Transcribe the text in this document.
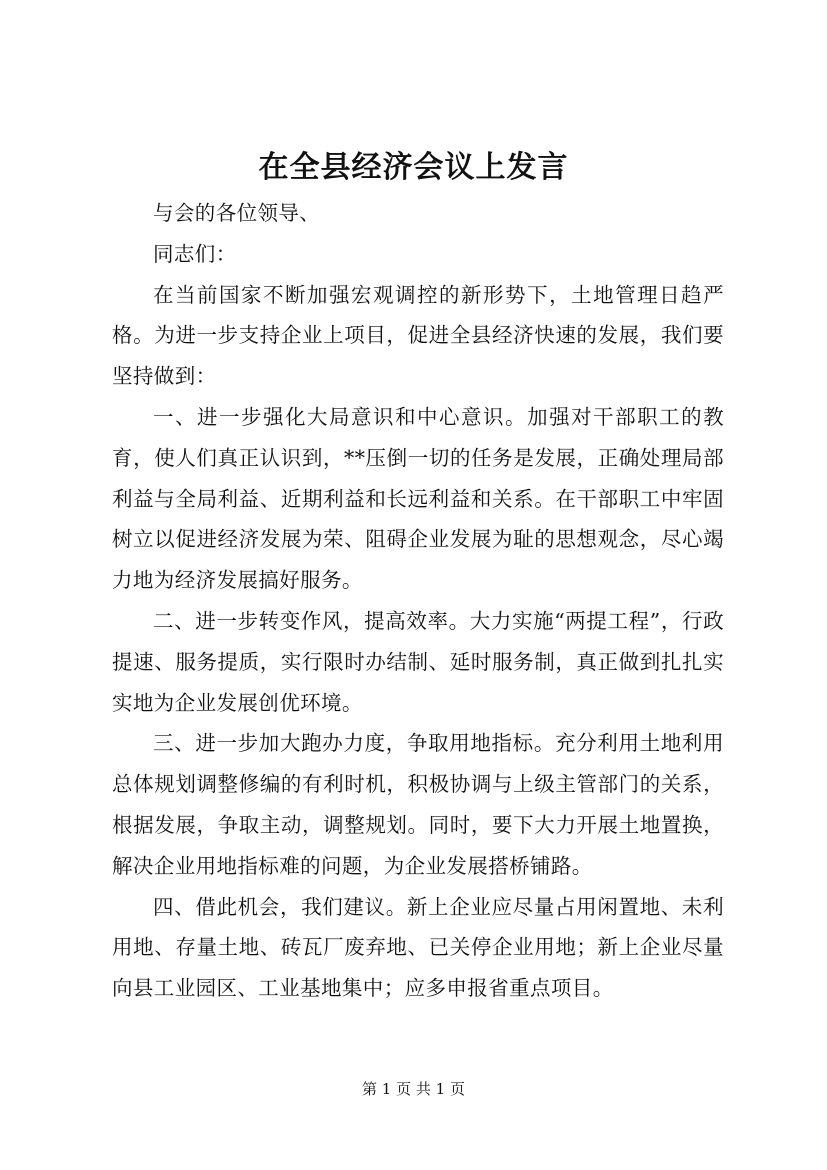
在全县经济会议上发言

与会的各位领导、

同志们：

在当前国家不断加强宏观调控的新形势下，土地管理日趋严格。为进一步支持企业上项目，促进全县经济快速的发展，我们要坚持做到：

一、进一步强化大局意识和中心意识。加强对干部职工的教育，使人们真正认识到，**压倒一切的任务是发展，正确处理局部利益与全局利益、近期利益和长远利益和关系。在干部职工中牢固树立以促进经济发展为荣、阻碍企业发展为耻的思想观念，尽心竭力地为经济发展搞好服务。

二、进一步转变作风，提高效率。大力实施“两提工程”，行政提速、服务提质，实行限时办结制、延时服务制，真正做到扎扎实实地为企业发展创优环境。

三、进一步加大跑办力度，争取用地指标。充分利用土地利用总体规划调整修编的有利时机，积极协调与上级主管部门的关系，根据发展，争取主动，调整规划。同时，要下大力开展土地置换，解决企业用地指标难的问题，为企业发展搭桥铺路。

四、借此机会，我们建议。新上企业应尽量占用闲置地、未利用地、存量土地、砖瓦厂废弃地、已关停企业用地；新上企业尽量向县工业园区、工业基地集中；应多申报省重点项目。

第 1 页 共 1 页
